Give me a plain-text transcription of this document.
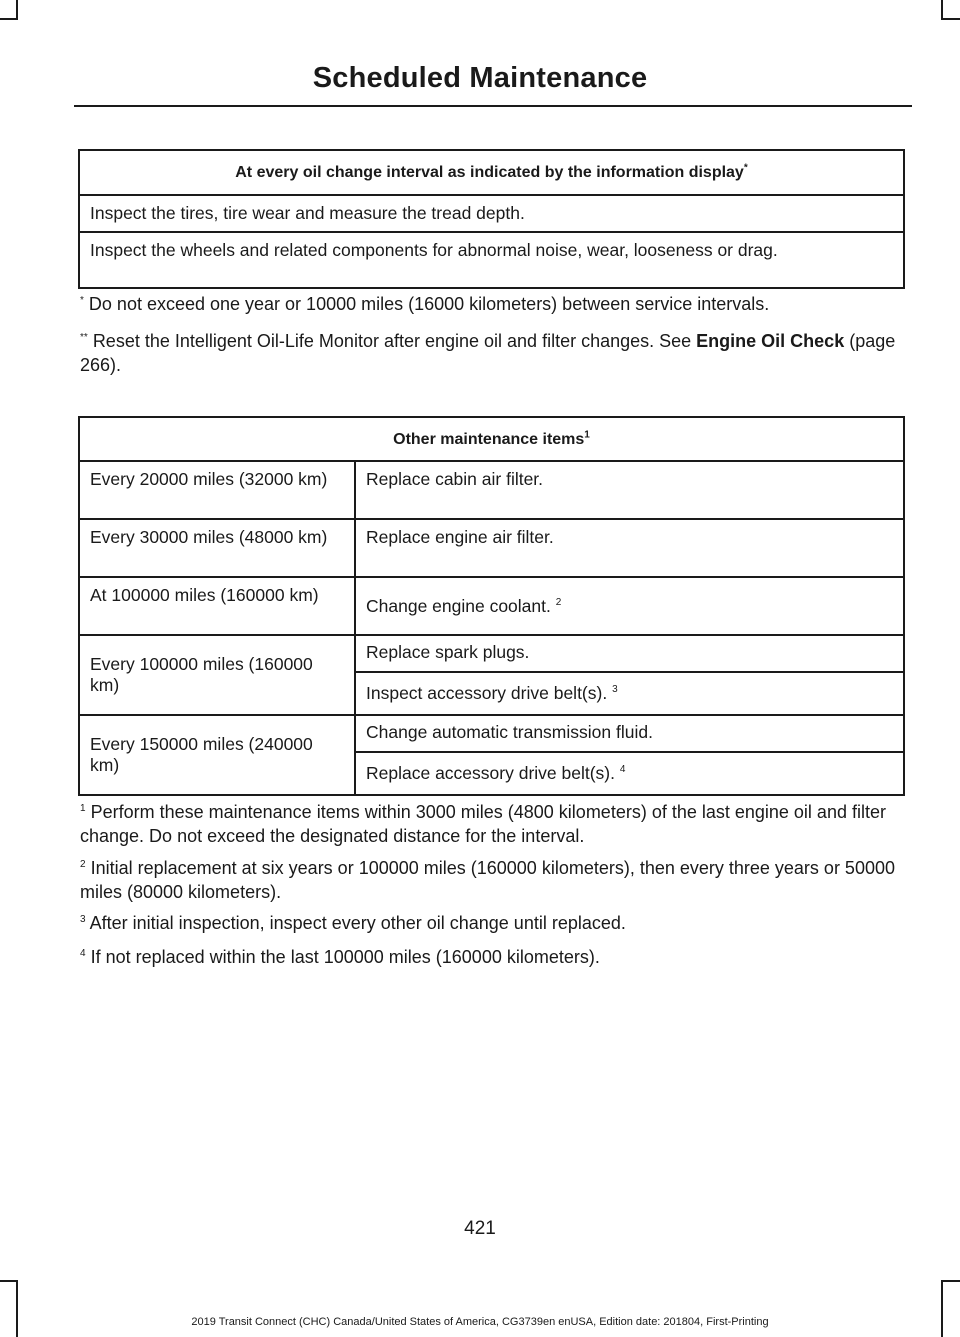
Scheduled Maintenance
At every oil change interval as indicated by the information display*
Inspect the tires, tire wear and measure the tread depth.
Inspect the wheels and related components for abnormal noise, wear, looseness or drag.
* Do not exceed one year or 10000 miles (16000 kilometers) between service intervals.
** Reset the Intelligent Oil-Life Monitor after engine oil and filter changes. See Engine Oil Check (page 266).
Other maintenance items$^1$
Every 20000 miles (32000 km)	Replace cabin air filter.
Every 30000 miles (48000 km)	Replace engine air filter.
At 100000 miles (160000 km)	Change engine coolant. $^2$
Every 100000 miles (160000 km)	Replace spark plugs.
	Inspect accessory drive belt(s). $^3$
Every 150000 miles (240000 km)	Change automatic transmission fluid.
	Replace accessory drive belt(s). $^4$
$^1$ Perform these maintenance items within 3000 miles (4800 kilometers) of the last engine oil and filter change. Do not exceed the designated distance for the interval.
$^2$ Initial replacement at six years or 100000 miles (160000 kilometers), then every three years or 50000 miles (80000 kilometers).
$^3$ After initial inspection, inspect every other oil change until replaced.
$^4$ If not replaced within the last 100000 miles (160000 kilometers).
421
2019 Transit Connect (CHC) Canada/United States of America, CG3739en enUSA, Edition date: 201804, First-Printing
